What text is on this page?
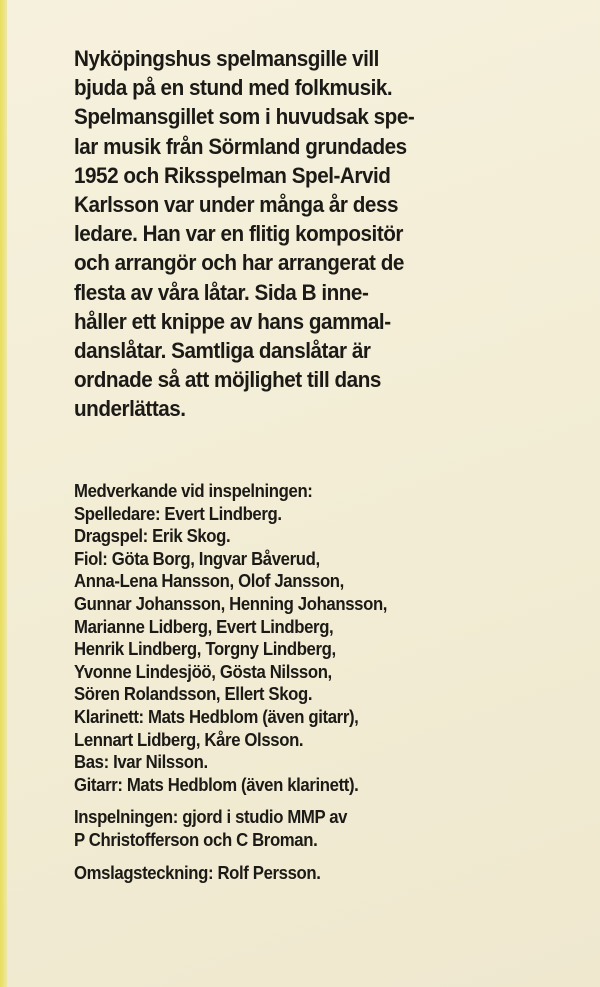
Nyköpingshus spelmansgille vill
bjuda på en stund med folkmusik.
Spelmansgillet som i huvudsak spe-
lar musik från Sörmland grundades
1952 och Riksspelman Spel-Arvid
Karlsson var under många år dess
ledare. Han var en flitig kompositör
och arrangör och har arrangerat de
flesta av våra låtar. Sida B inne-
håller ett knippe av hans gammal-
danslåtar. Samtliga danslåtar är
ordnade så att möjlighet till dans
underlättas.

Medverkande vid inspelningen:
Spelledare: Evert Lindberg.
Dragspel: Erik Skog.
Fiol: Göta Borg, Ingvar Båverud,
Anna-Lena Hansson, Olof Jansson,
Gunnar Johansson, Henning Johansson,
Marianne Lidberg, Evert Lindberg,
Henrik Lindberg, Torgny Lindberg,
Yvonne Lindesjöö, Gösta Nilsson,
Sören Rolandsson, Ellert Skog.
Klarinett: Mats Hedblom (även gitarr),
Lennart Lidberg, Kåre Olsson.
Bas: Ivar Nilsson.
Gitarr: Mats Hedblom (även klarinett).
Inspelningen: gjord i studio MMP av
P Christofferson och C Broman.
Omslagsteckning: Rolf Persson.
